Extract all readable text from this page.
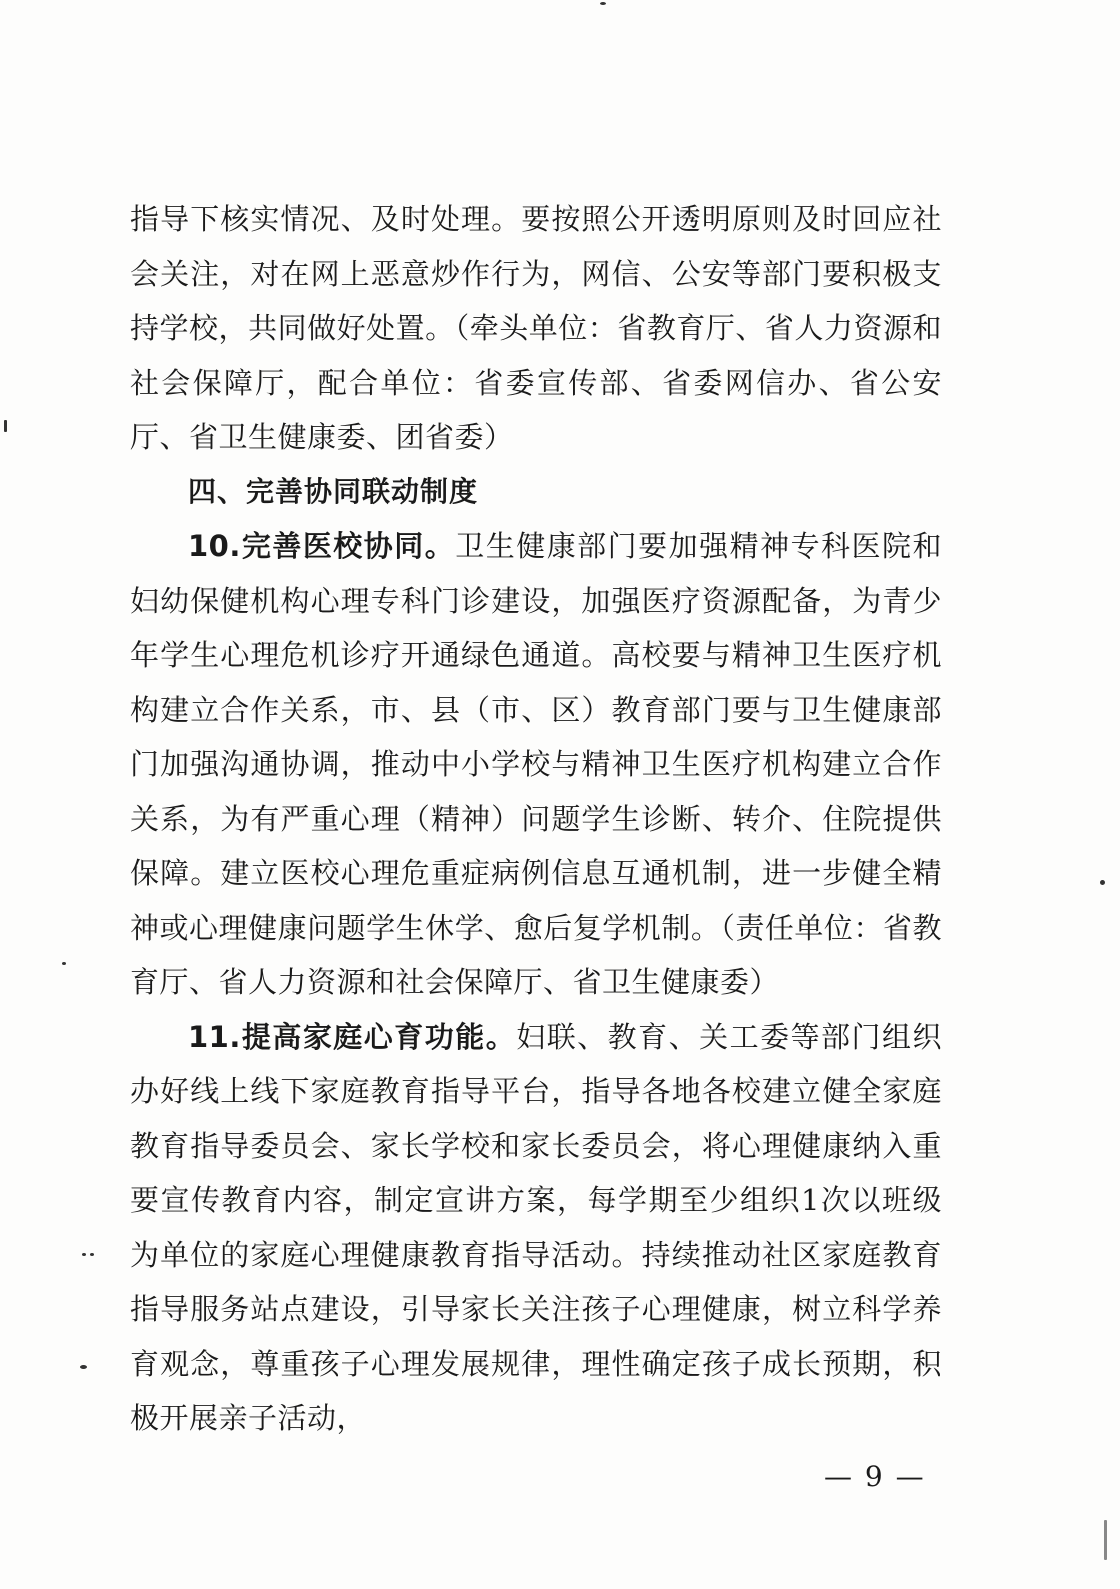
指导下核实情况、及时处理。要按照公开透明原则及时回应社会关注，对在网上恶意炒作行为，网信、公安等部门要积极支持学校，共同做好处置。（牵头单位：省教育厅、省人力资源和社会保障厅，配合单位：省委宣传部、省委网信办、省公安厅、省卫生健康委、团省委）

四、完善协同联动制度

10.完善医校协同。卫生健康部门要加强精神专科医院和妇幼保健机构心理专科门诊建设，加强医疗资源配备，为青少年学生心理危机诊疗开通绿色通道。高校要与精神卫生医疗机构建立合作关系，市、县（市、区）教育部门要与卫生健康部门加强沟通协调，推动中小学校与精神卫生医疗机构建立合作关系，为有严重心理（精神）问题学生诊断、转介、住院提供保障。建立医校心理危重症病例信息互通机制，进一步健全精神或心理健康问题学生休学、愈后复学机制。（责任单位：省教育厅、省人力资源和社会保障厅、省卫生健康委）

11.提高家庭心育功能。妇联、教育、关工委等部门组织办好线上线下家庭教育指导平台，指导各地各校建立健全家庭教育指导委员会、家长学校和家长委员会，将心理健康纳入重要宣传教育内容，制定宣讲方案，每学期至少组织1次以班级为单位的家庭心理健康教育指导活动。持续推动社区家庭教育指导服务站点建设，引导家长关注孩子心理健康，树立科学养育观念，尊重孩子心理发展规律，理性确定孩子成长预期，积极开展亲子活动，

— 9 —
